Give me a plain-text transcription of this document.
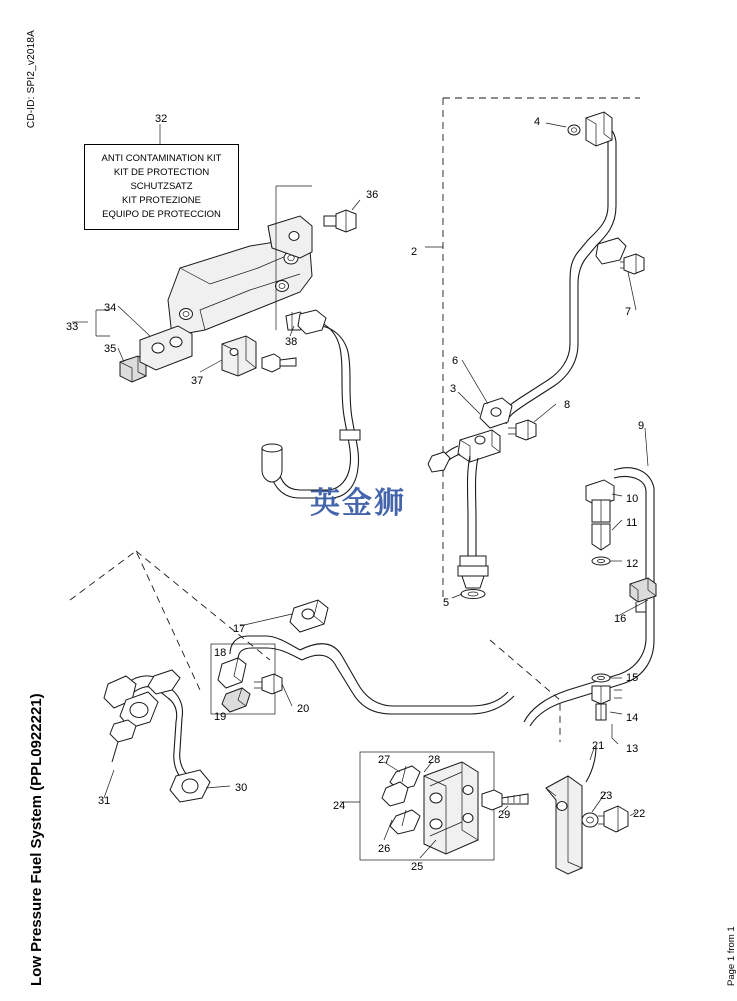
CD-ID: SPI2_v2018A
Low Pressure Fuel System (PPL0922221)	Page 1 from 1
ANTI CONTAMINATION KIT
KIT DE PROTECTION
SCHUTZSATZ
KIT PROTEZIONE
EQUIPO DE PROTECCION
2
3
4
5
6
7
8
9
10
11
12
13
14
15
16
17
18
19
20
21
22
23
24
25
26
27	28
29
30
31
32
33
34
35
36
37
38
英金狮
